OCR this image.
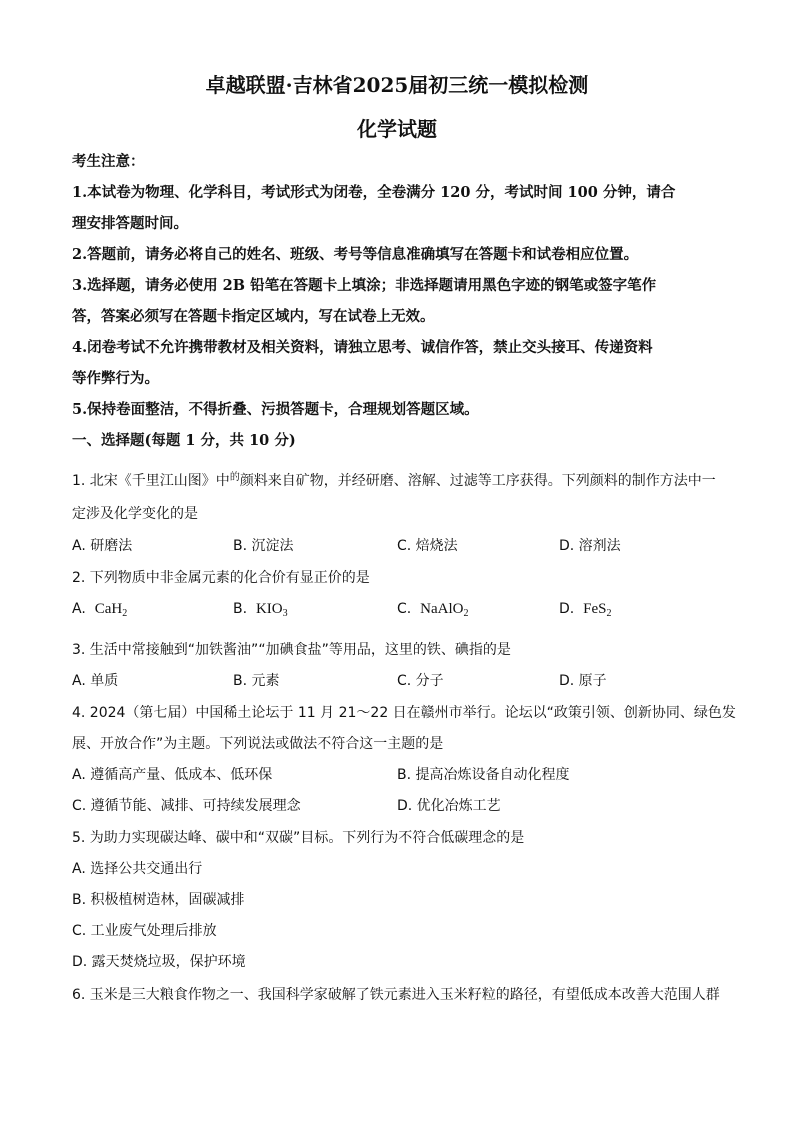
卓越联盟·吉林省2025届初三统一模拟检测
化学试题
考生注意：
1.本试卷为物理、化学科目，考试形式为闭卷，全卷满分 120 分，考试时间 100 分钟，请合
理安排答题时间。
2.答题前，请务必将自己的姓名、班级、考号等信息准确填写在答题卡和试卷相应位置。
3.选择题，请务必使用 2B 铅笔在答题卡上填涂；非选择题请用黑色字迹的钢笔或签字笔作
答，答案必须写在答题卡指定区域内，写在试卷上无效。
4.闭卷考试不允许携带教材及相关资料，请独立思考、诚信作答，禁止交头接耳、传递资料
等作弊行为。
5.保持卷面整洁，不得折叠、污损答题卡，合理规划答题区域。
一、选择题(每题 1 分，共 10 分)
1. 北宋《千里江山图》中$^的$颜料来自矿物，并经研磨、溶解、过滤等工序获得。下列颜料的制作方法中一
定涉及化学变化的是
A. 研磨法	B. 沉淀法	C. 焙烧法	D. 溶剂法
2. 下列物质中非金属元素的化合价有显正价的是
A. CaH$_2$	B. $KIO_3$	C. NaAlO$_2$	D. FeS$_2$
3. 生活中常接触到“加铁酱油”“加碘食盐”等用品，这里的铁、碘指的是
A. 单质	B. 元素	C. 分子	D. 原子
4. 2024（第七届）中国稀土论坛于 11 月 21～22 日在赣州市举行。论坛以“政策引领、创新协同、绿色发
展、开放合作”为主题。下列说法或做法不符合这一主题的是
A. 遵循高产量、低成本、低环保	B. 提高冶炼设备自动化程度
C. 遵循节能、减排、可持续发展理念	D. 优化冶炼工艺
5. 为助力实现碳达峰、碳中和“双碳”目标。下列行为不符合低碳理念的是
A. 选择公共交通出行
B. 积极植树造林，固碳减排
C. 工业废气处理后排放
D. 露天焚烧垃圾，保护环境
6. 玉米是三大粮食作物之一、我国科学家破解了铁元素进入玉米籽粒的路径，有望低成本改善大范围人群
